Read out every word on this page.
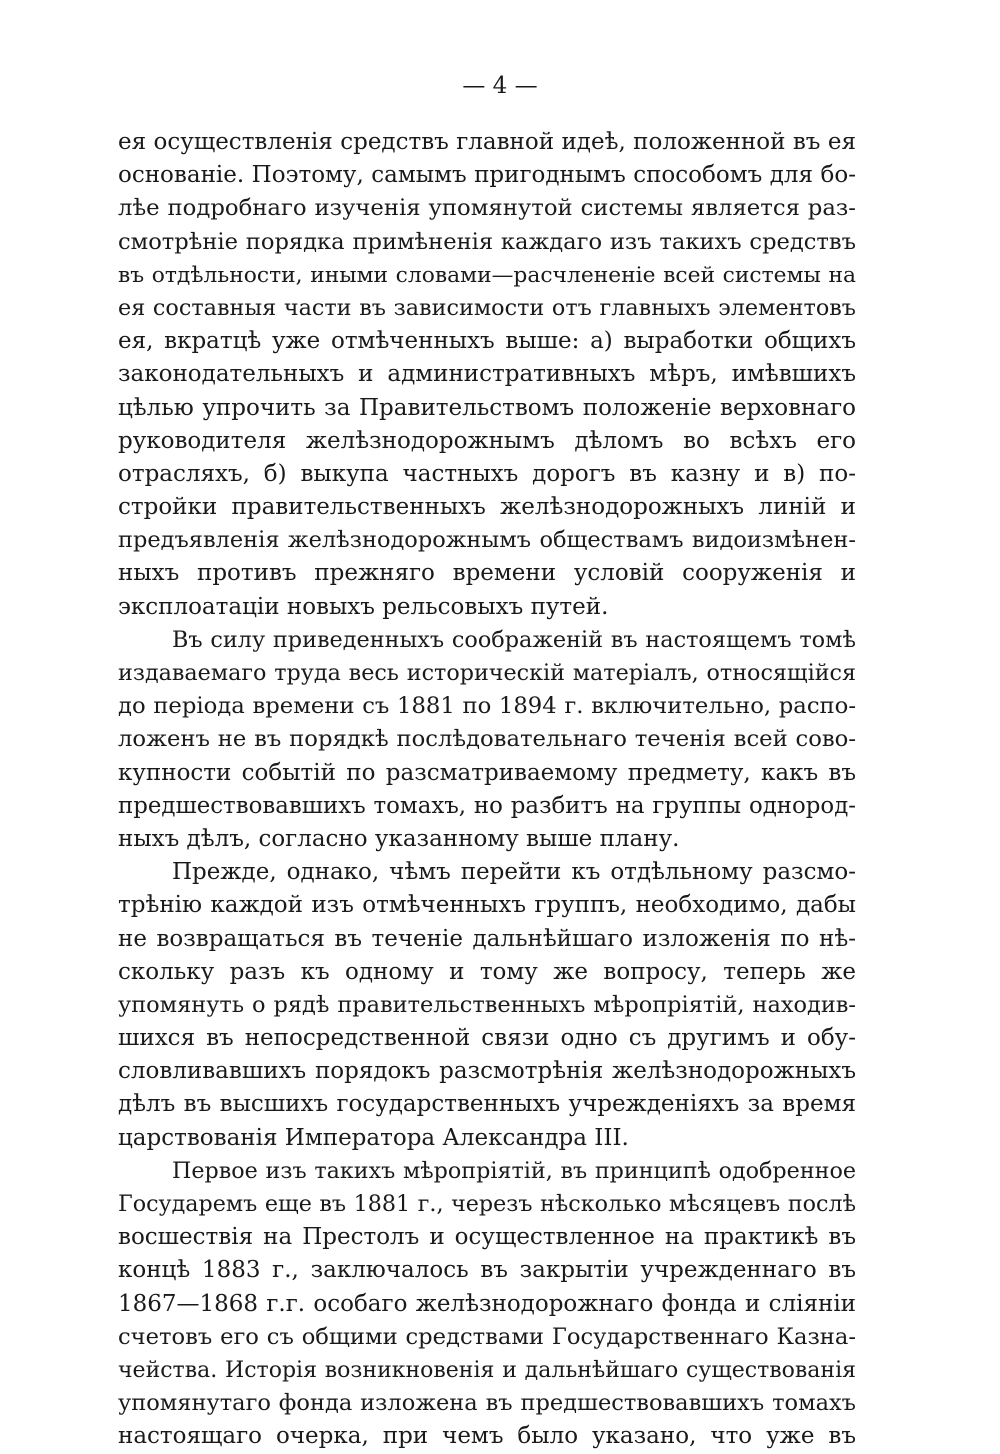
— 4 —
ея осуществленія средствъ главной идеѣ, положенной въ ея
основаніе. Поэтому, самымъ пригоднымъ способомъ для бо-
лѣе подробнаго изученія упомянутой системы является раз-
смотрѣніе порядка примѣненія каждаго изъ такихъ средствъ
въ отдѣльности, иными словами—расчлененіе всей системы на
ея составныя части въ зависимости отъ главныхъ элементовъ
ея, вкратцѣ уже отмѣченныхъ выше: а) выработки общихъ
законодательныхъ и административныхъ мѣръ, имѣвшихъ
цѣлью упрочить за Правительствомъ положеніе верховнаго
руководителя желѣзнодорожнымъ дѣломъ во всѣхъ его
отрасляхъ, б) выкупа частныхъ дорогъ въ казну и в) по-
стройки правительственныхъ желѣзнодорожныхъ линій и
предъявленія желѣзнодорожнымъ обществамъ видоизмѣнен-
ныхъ противъ прежняго времени условій сооруженія и
эксплоатаціи новыхъ рельсовыхъ путей.
Въ силу приведенныхъ соображеній въ настоящемъ томѣ
издаваемаго труда весь историческій матеріалъ, относящійся
до періода времени съ 1881 по 1894 г. включительно, распо-
ложенъ не въ порядкѣ послѣдовательнаго теченія всей сово-
купности событій по разсматриваемому предмету, какъ въ
предшествовавшихъ томахъ, но разбитъ на группы однород-
ныхъ дѣлъ, согласно указанному выше плану.
Прежде, однако, чѣмъ перейти къ отдѣльному разсмо-
трѣнію каждой изъ отмѣченныхъ группъ, необходимо, дабы
не возвращаться въ теченіе дальнѣйшаго изложенія по нѣ-
скольку разъ къ одному и тому же вопросу, теперь же
упомянуть о рядѣ правительственныхъ мѣропріятій, находив-
шихся въ непосредственной связи одно съ другимъ и обу-
словливавшихъ порядокъ разсмотрѣнія желѣзнодорожныхъ
дѣлъ въ высшихъ государственныхъ учрежденіяхъ за время
царствованія Императора Александра III.
Первое изъ такихъ мѣропріятій, въ принципѣ одобренное
Государемъ еще въ 1881 г., черезъ нѣсколько мѣсяцевъ послѣ
восшествія на Престолъ и осуществленное на практикѣ въ
концѣ 1883 г., заключалось въ закрытіи учрежденнаго въ
1867—1868 г.г. особаго желѣзнодорожнаго фонда и сліяніи
счетовъ его съ общими средствами Государственнаго Казна-
чейства. Исторія возникновенія и дальнѣйшаго существованія
упомянутаго фонда изложена въ предшествовавшихъ томахъ
настоящаго очерка, при чемъ было указано, что уже въ
